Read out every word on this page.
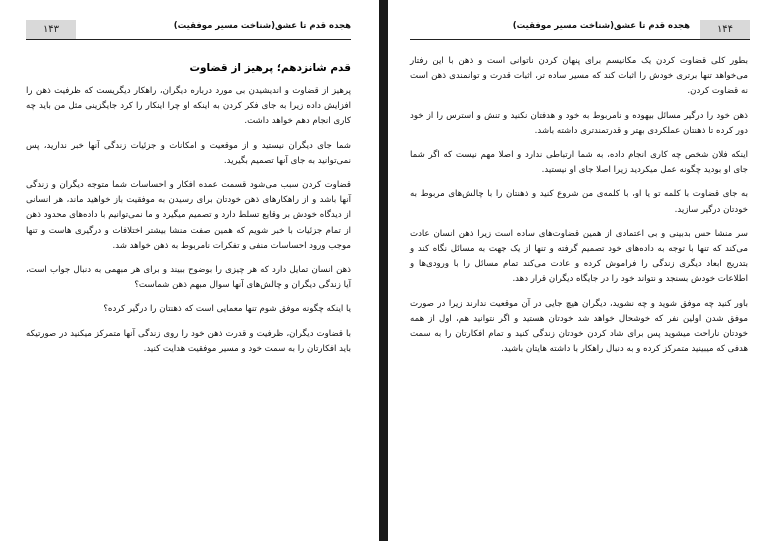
۱۴۳	هجده قدم تا عشق(شناخت مسیر موفقیت)
قدم شانزدهم؛ پرهیز از قضاوت

پرهیز از قضاوت و اندیشیدن بی مورد درباره دیگران، راهکار دیگریست که ظرفیت ذهن را افزایش داده زیرا به جای فکر کردن به اینکه او چرا اینکار را کرد جایگزینی مثل من باید چه کاری انجام دهم خواهد داشت.

شما جای دیگران نیستید و از موقعیت و امکانات و جزئیات زندگی آنها خبر ندارید، پس نمی‌توانید به جای آنها تصمیم بگیرید.

قضاوت کردن سبب می‌شود قسمت عمده افکار و احساسات شما متوجه دیگران و زندگی آنها باشد و از راهکارهای ذهن خودتان برای رسیدن به موفقیت باز خواهید ماند، هر انسانی از دیدگاه خودش بر وقایع تسلط دارد و تصمیم میگیرد و ما نمی‌توانیم با داده‌های محدود ذهن از تمام جزئیات با خبر شویم که همین صفت منشا بیشتر اختلافات و درگیری هاست و تنها موجب ورود احساسات منفی و تفکرات نامربوط به ذهن خواهد شد.

ذهن انسان تمایل دارد که هر چیزی را بوضوح ببیند و برای هر مبهمی به دنبال جواب است، آیا زندگی دیگران و چالش‌های آنها سوال مبهم ذهن شماست؟

یا اینکه چگونه موفق شوم تنها معمایی است که ذهنتان را درگیر کرده؟

با قضاوت دیگران، ظرفیت و قدرت ذهن خود را روی زندگی آنها متمرکز میکنید در صورتیکه باید افکارتان را به سمت خود و مسیر موفقیت هدایت کنید.

۱۴۴
هجده قدم تا عشق(شناخت مسیر موفقیت)

بطور کلی قضاوت کردن یک مکانیسم برای پنهان کردن ناتوانی است و ذهن با این رفتار می‌خواهد تنها برتری خودش را اثبات کند که مسیر ساده تر، اثبات قدرت و توانمندی ذهن است نه قضاوت کردن.

ذهن خود را درگیر مسائل بیهوده و نامربوط به خود و هدفتان نکنید و تنش و استرس را از خود دور کرده تا ذهنتان عملکردی بهتر و قدرتمندتری داشته باشد.

اینکه فلان شخص چه کاری انجام داده، به شما ارتباطی ندارد و اصلا مهم نیست که اگر شما جای او بودید چگونه عمل میکردید زیرا اصلا جای او نیستید.

به جای قضاوت با کلمه تو یا او، با کلمه‌ی من شروع کنید و ذهنتان را با چالش‌های مربوط به خودتان درگیر سازید.

سر منشا حس بدبینی و بی اعتمادی از همین قضاوت‌های ساده است زیرا ذهن انسان عادت می‌کند که تنها با توجه به داده‌های خود تصمیم گرفته و تنها از یک جهت به مسائل نگاه کند و بتدریج ابعاد دیگری زندگی را فراموش کرده و عادت می‌کند تمام مسائل را با ورودی‌ها و اطلاعات خودش بسنجد و نتواند خود را در جایگاه دیگران قرار دهد.

باور کنید چه موفق شوید و چه نشوید، دیگران هیچ جایی در آن موقعیت ندارند زیرا در صورت موفق شدن اولین نفر که خوشحال خواهد شد خودتان هستید و اگر نتوانید هم، اول از همه خودتان ناراحت میشوید پس برای شاد کردن خودتان زندگی کنید و تمام افکارتان را به سمت هدفی که میبینید متمرکز کرده و به دنبال راهکار با داشته هایتان باشید.
